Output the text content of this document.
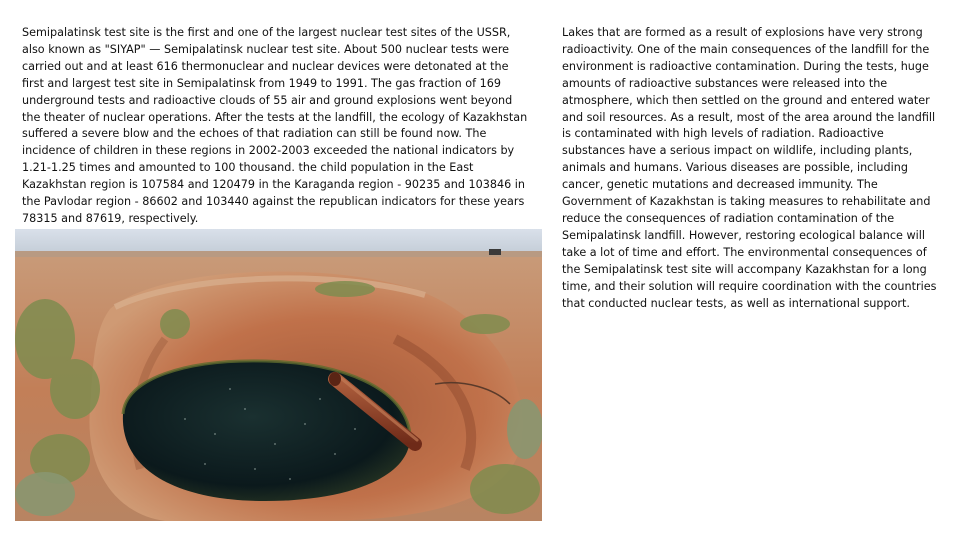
Semipalatinsk test site is the first and one of the largest nuclear test sites of the USSR, also known as "SIYAP" — Semipalatinsk nuclear test site. About 500 nuclear tests were carried out and at least 616 thermonuclear and nuclear devices were detonated at the first and largest test site in Semipalatinsk from 1949 to 1991. The gas fraction of 169 underground tests and radioactive clouds of 55 air and ground explosions went beyond the theater of nuclear operations. After the tests at the landfill, the ecology of Kazakhstan suffered a severe blow and the echoes of that radiation can still be found now. The incidence of children in these regions in 2002-2003 exceeded the national indicators by 1.21-1.25 times and amounted to 100 thousand. the child population in the East Kazakhstan region is 107584 and 120479 in the Karaganda region - 90235 and 103846 in the Pavlodar region - 86602 and 103440 against the republican indicators for these years 78315 and 87619, respectively.

Lakes that are formed as a result of explosions have very strong radioactivity. One of the main consequences of the landfill for the environment is radioactive contamination. During the tests, huge amounts of radioactive substances were released into the atmosphere, which then settled on the ground and entered water and soil resources. As a result, most of the area around the landfill is contaminated with high levels of radiation. Radioactive substances have a serious impact on wildlife, including plants, animals and humans. Various diseases are possible, including cancer, genetic mutations and decreased immunity. The Government of Kazakhstan is taking measures to rehabilitate and reduce the consequences of radiation contamination of the Semipalatinsk landfill. However, restoring ecological balance will take a lot of time and effort. The environmental consequences of the Semipalatinsk test site will accompany Kazakhstan for a long time, and their solution will require coordination with the countries that conducted nuclear tests, as well as international support.
